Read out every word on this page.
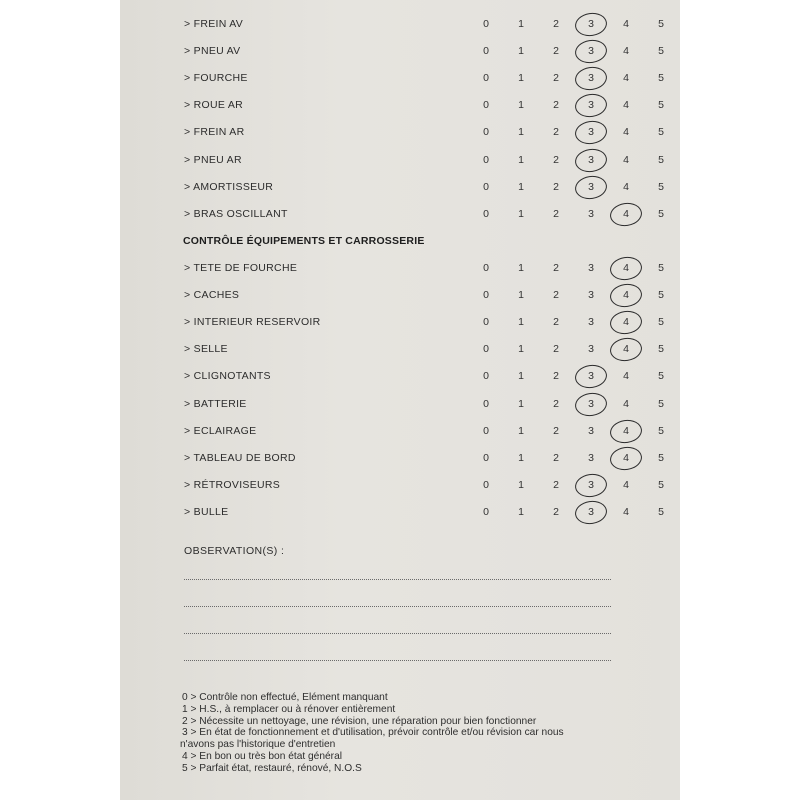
> FREIN AV	0	1	2	3	4	5
> PNEU AV	0	1	2	3	4	5
> FOURCHE	0	1	2	3	4	5
> ROUE AR	0	1	2	3	4	5
> FREIN AR	0	1	2	3	4	5
> PNEU AR	0	1	2	3	4	5
> AMORTISSEUR	0	1	2	3	4	5
> BRAS OSCILLANT	0	1	2	3	4	5
> TETE DE FOURCHE	0	1	2	3	4	5
> CACHES	0	1	2	3	4	5
> INTERIEUR RESERVOIR	0	1	2	3	4	5
> SELLE	0	1	2	3	4	5
> CLIGNOTANTS	0	1	2	3	4	5
> BATTERIE	0	1	2	3	4	5
> ECLAIRAGE	0	1	2	3	4	5
> TABLEAU DE BORD	0	1	2	3	4	5
> RÉTROVISEURS	0	1	2	3	4	5
> BULLE	0	1	2	3	4	5
CONTRÔLE ÉQUIPEMENTS ET CARROSSERIE
OBSERVATION(S) :
0 > Contrôle non effectué, Elément manquant
1 > H.S., à remplacer ou à rénover entièrement
2 > Nécessite un nettoyage, une révision, une réparation pour bien fonctionner
3 > En état de fonctionnement et d'utilisation, prévoir contrôle et/ou révision car nous
n'avons pas l'historique d'entretien
4 > En bon ou très bon état général
5 > Parfait état, restauré, rénové, N.O.S
